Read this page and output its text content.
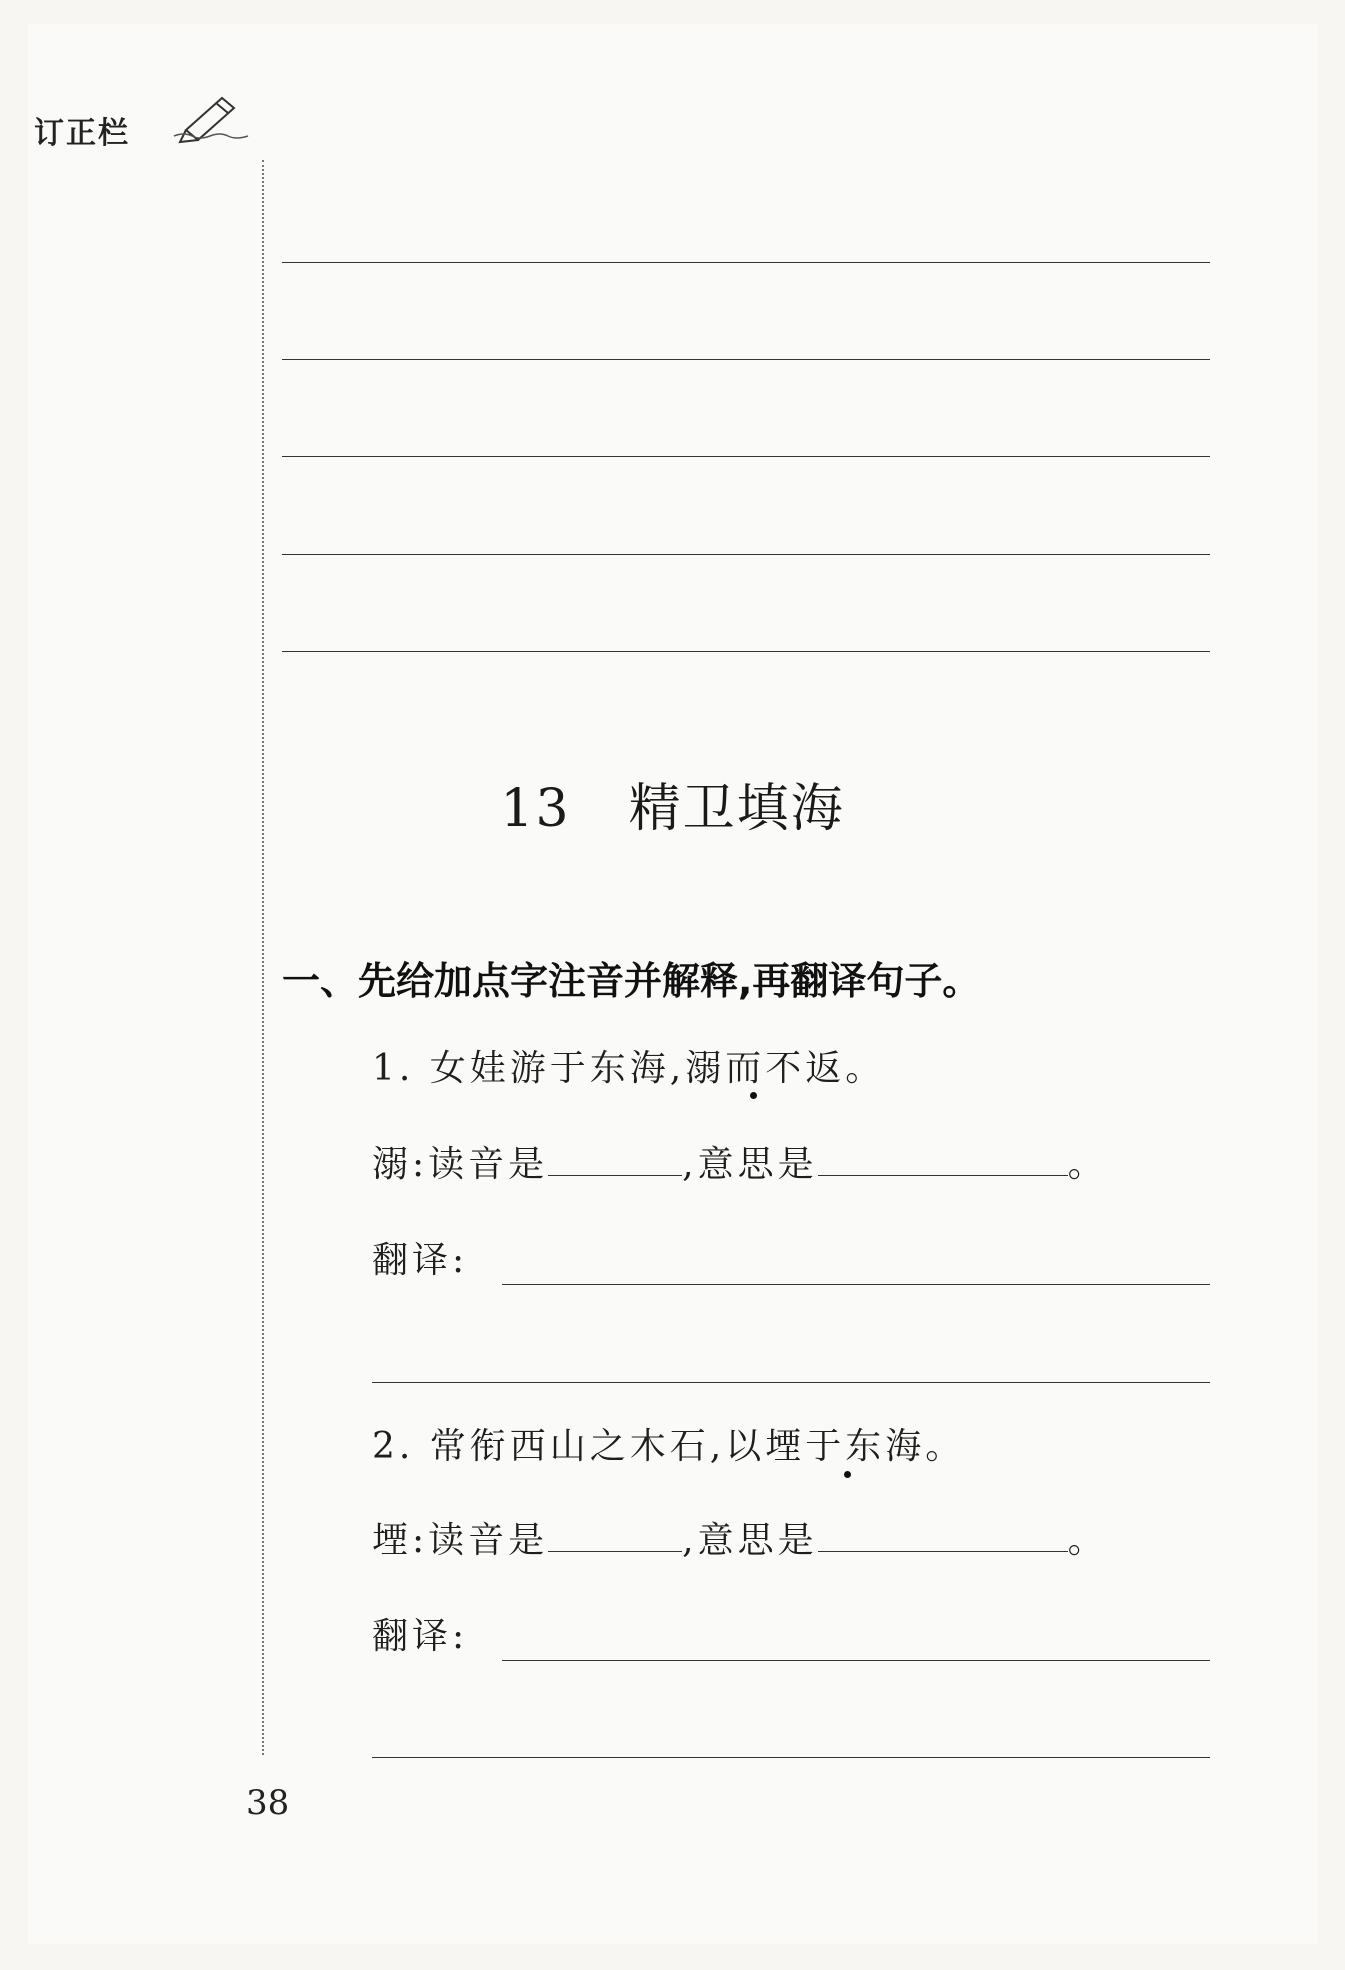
订正栏
13 精卫填海
一、先给加点字注音并解释,再翻译句子。
1. 女娃游于东海,溺而不返。
溺:读音是	,意思是	。
翻译:
2. 常衔西山之木石,以堙于东海。
堙:读音是	,意思是	。
翻译:
38
